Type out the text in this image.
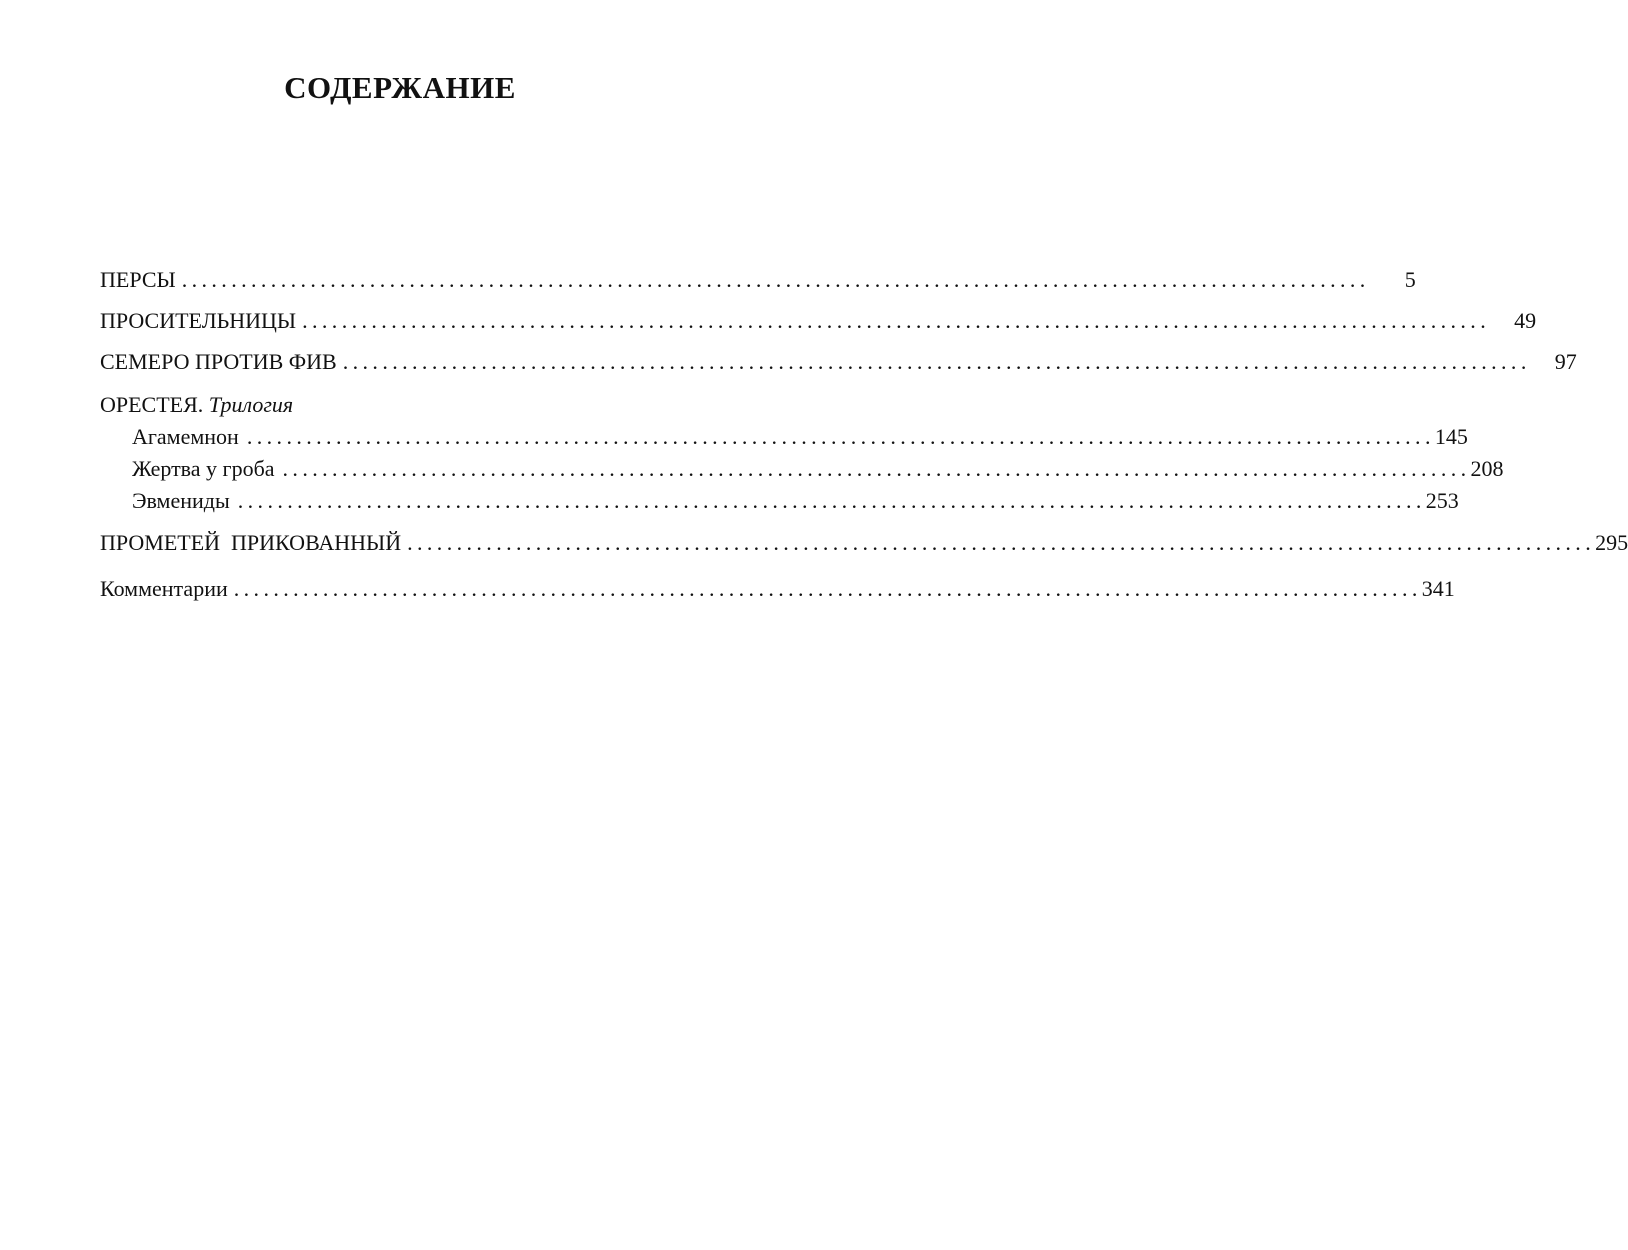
СОДЕРЖАНИЕ
ПЕРСЫ ........................................................................................................................	5
ПРОСИТЕЛЬНИЦЫ ........................................................................................................................	49
СЕМЕРО ПРОТИВ ФИВ ........................................................................................................................	97
ОРЕСТЕЯ. Трилогия
Агамемнон ........................................................................................................................ 145
Жертва у гроба ........................................................................................................................ 208
Эвмениды ........................................................................................................................ 253
ПРОМЕТЕЙ  ПРИКОВАННЫЙ ........................................................................................................................ 295
Комментарии ........................................................................................................................ 341
